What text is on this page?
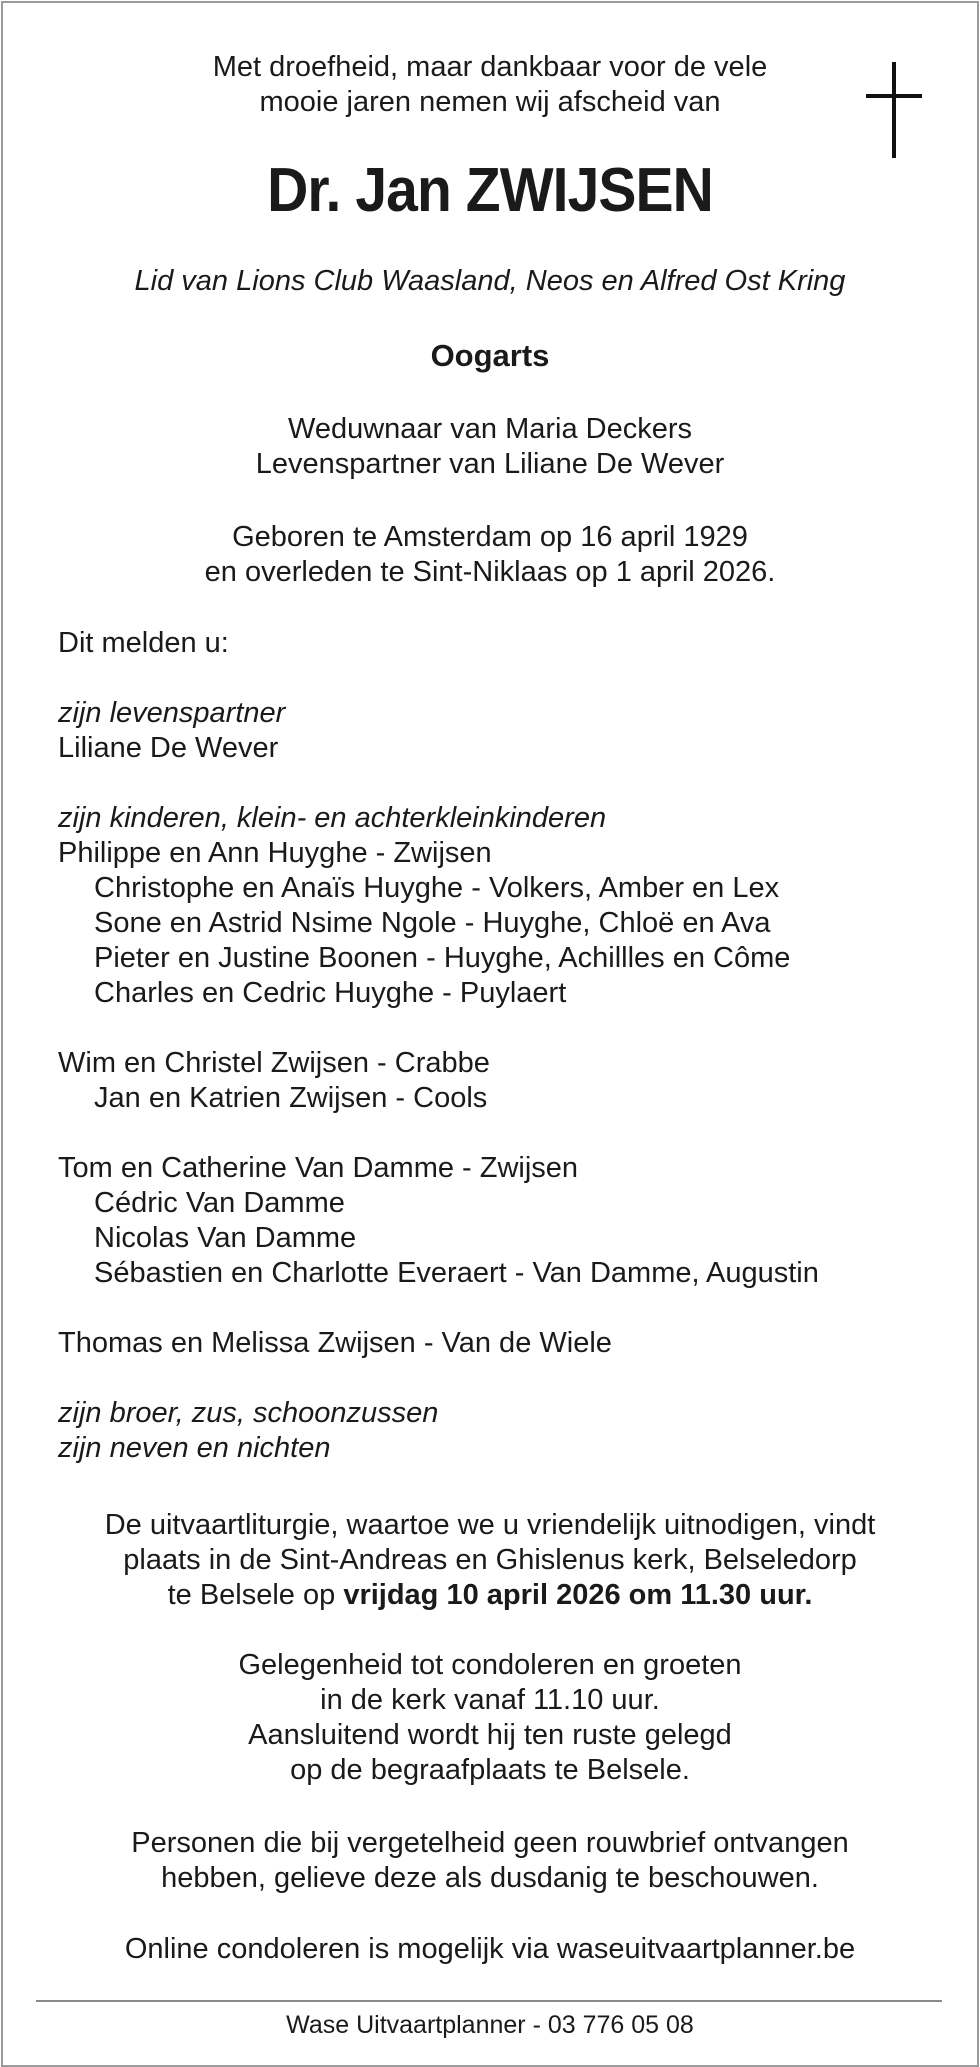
Met droefheid, maar dankbaar voor de vele

mooie jaren nemen wij afscheid van

Dr. Jan ZWIJSEN

Lid van Lions Club Waasland, Neos en Alfred Ost Kring

Oogarts

Weduwnaar van Maria Deckers

Levenspartner van Liliane De Wever

Geboren te Amsterdam op 16 april 1929

en overleden te Sint-Niklaas op 1 april 2026.

Dit melden u:

zijn levenspartner

Liliane De Wever

zijn kinderen, klein- en achterkleinkinderen

Philippe en Ann Huyghe - Zwijsen

Christophe en Anaïs Huyghe - Volkers, Amber en Lex

Sone en Astrid Nsime Ngole - Huyghe, Chloë en Ava

Pieter en Justine Boonen - Huyghe, Achillles en Côme

Charles en Cedric Huyghe - Puylaert

Wim en Christel Zwijsen - Crabbe

Jan en Katrien Zwijsen - Cools

Tom en Catherine Van Damme - Zwijsen

Cédric Van Damme

Nicolas Van Damme

Sébastien en Charlotte Everaert - Van Damme, Augustin

Thomas en Melissa Zwijsen - Van de Wiele

zijn broer, zus, schoonzussen

zijn neven en nichten

De uitvaartliturgie, waartoe we u vriendelijk uitnodigen, vindt

plaats in de Sint-Andreas en Ghislenus kerk, Belseledorp

te Belsele op vrijdag 10 april 2026 om 11.30 uur.

Gelegenheid tot condoleren en groeten

in de kerk vanaf 11.10 uur.

Aansluitend wordt hij ten ruste gelegd

op de begraafplaats te Belsele.

Personen die bij vergetelheid geen rouwbrief ontvangen

hebben, gelieve deze als dusdanig te beschouwen.

Online condoleren is mogelijk via waseuitvaartplanner.be

Wase Uitvaartplanner - 03 776 05 08
